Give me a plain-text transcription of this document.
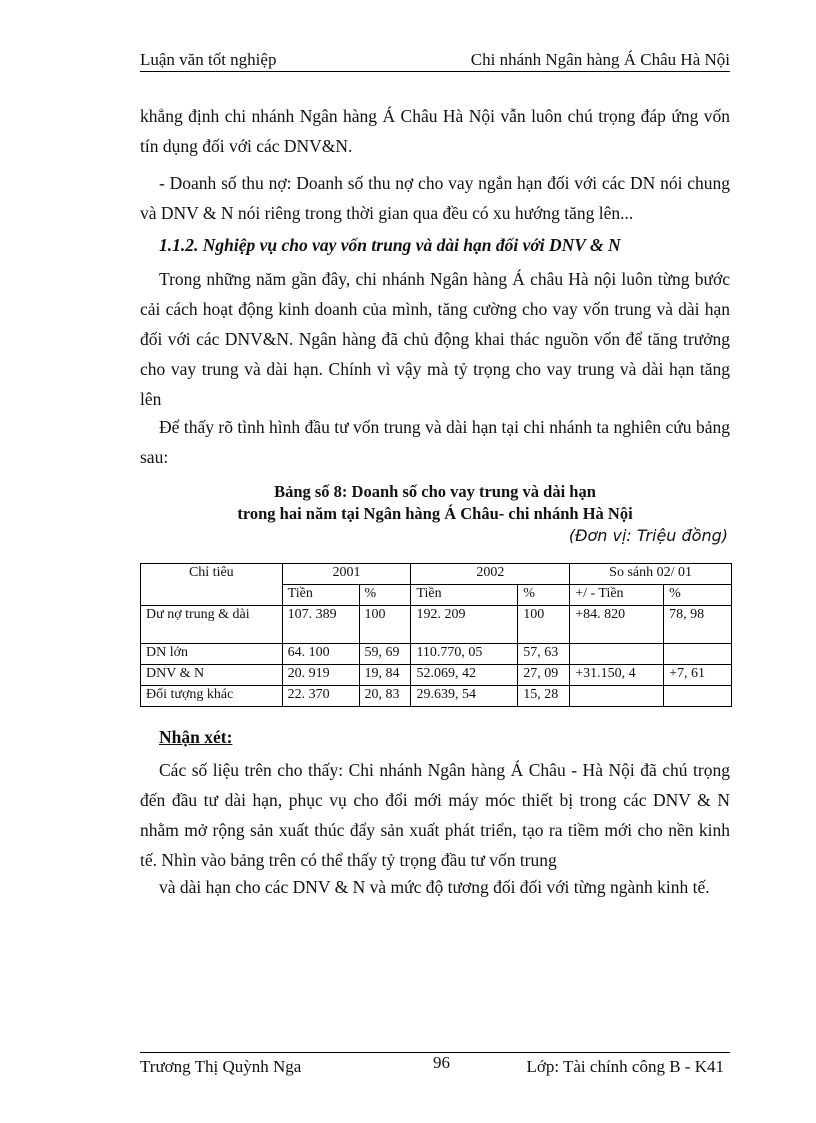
Luận văn tốt nghiệp	Chi nhánh Ngân hàng Á Châu Hà Nội
khẳng định chi nhánh Ngân hàng Á Châu Hà Nội vẫn luôn chú trọng đáp ứng vốn tín dụng đối với các DNV&N.
- Doanh số thu nợ: Doanh số thu nợ cho vay ngắn hạn đối với các DN nói chung và DNV & N nói riêng trong thời gian qua đều có xu hướng tăng lên...
1.1.2. Nghiệp vụ cho vay vốn trung và dài hạn đối với DNV & N
Trong những năm gần đây, chi nhánh Ngân hàng Á châu Hà nội luôn từng bước cải cách hoạt động kinh doanh của mình, tăng cường cho vay vốn trung và dài hạn đối với các DNV&N. Ngân hàng đã chủ động khai thác nguồn vốn để tăng trưởng cho vay trung và dài hạn. Chính vì vậy mà tỷ trọng cho vay trung và dài hạn tăng lên
Để thấy rõ tình hình đầu tư vốn trung và dài hạn tại chi nhánh ta nghiên cứu bảng sau:
Bảng số 8: Doanh số cho vay trung và dài hạn
trong hai năm tại Ngân hàng Á Châu- chi nhánh Hà Nội
(Đơn vị: Triệu đồng)
Chỉ tiêu	2001		2002		So sánh 02/ 01	
	Tiền	%	Tiền	%	+/ - Tiền	%
Dư nợ trung & dài	107. 389	100	192. 209	100	+84. 820	78, 98
DN lớn	64. 100	59, 69	110.770, 05	57, 63		
DNV & N	20. 919	19, 84	52.069, 42	27, 09	+31.150, 4	+7, 61
Đối tượng khác	22. 370	20, 83	29.639, 54	15, 28		
Nhận xét:
Các số liệu trên cho thấy: Chi nhánh Ngân hàng Á Châu - Hà Nội đã chú trọng đến đầu tư dài hạn, phục vụ cho đổi mới máy móc thiết bị trong các DNV & N nhằm mở rộng sản xuất thúc đẩy sản xuất phát triển, tạo ra tiềm mới cho nền kinh tế. Nhìn vào bảng trên có thể thấy tỷ trọng đầu tư vốn trung
và dài hạn cho các DNV & N và mức độ tương đối đối với từng ngành kinh tế.
Trương Thị Quỳnh Nga	96	Lớp: Tài chính công B - K41
